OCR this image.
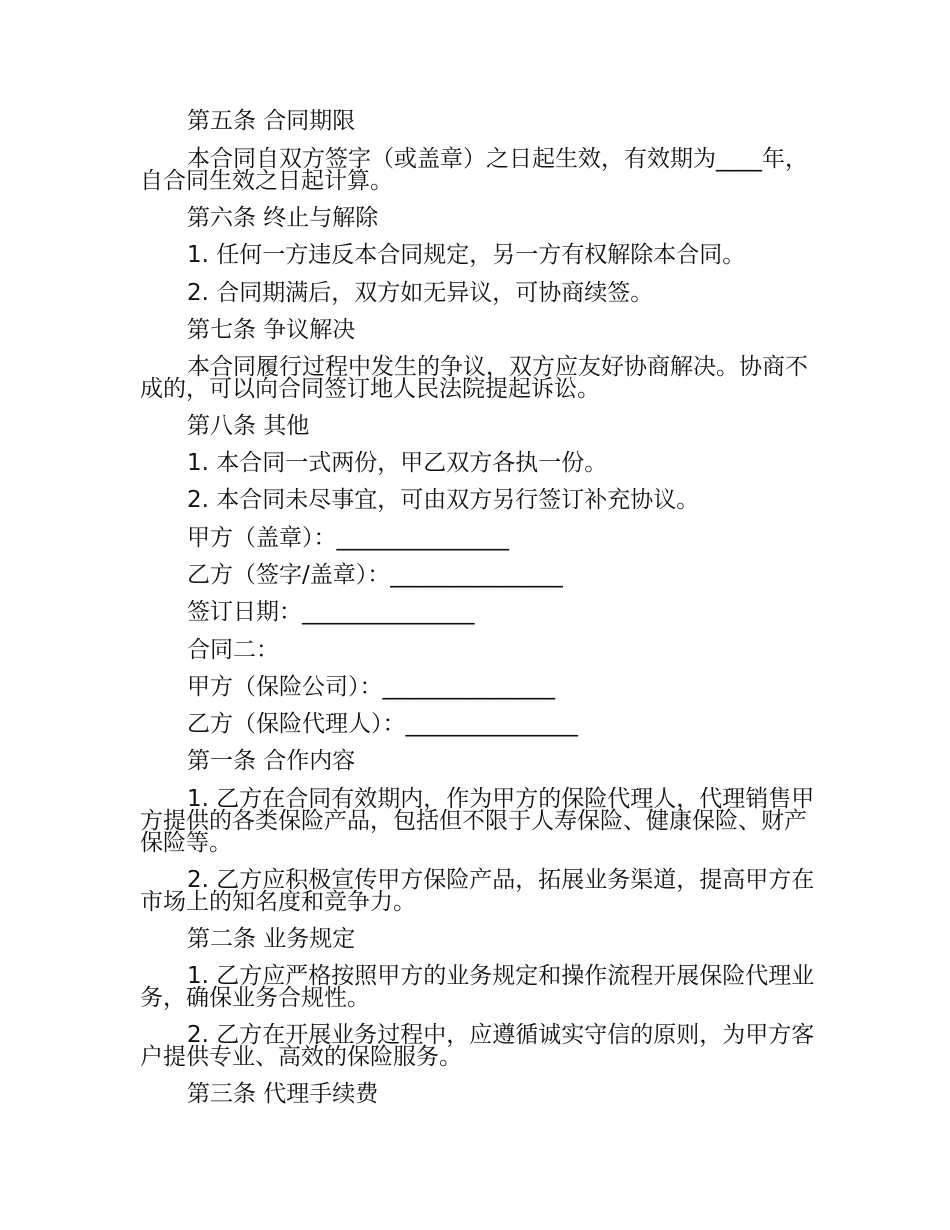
第五条 合同期限
本合同自双方签字（或盖章）之日起生效，有效期为____年，自合同生效之日起计算。
第六条 终止与解除
1. 任何一方违反本合同规定，另一方有权解除本合同。
2. 合同期满后，双方如无异议，可协商续签。
第七条 争议解决
本合同履行过程中发生的争议，双方应友好协商解决。协商不成的，可以向合同签订地人民法院提起诉讼。
第八条 其他
1. 本合同一式两份，甲乙双方各执一份。
2. 本合同未尽事宜，可由双方另行签订补充协议。
甲方（盖章）：_______________
乙方（签字/盖章）：_______________
签订日期：_______________
合同二：
甲方（保险公司）：_______________
乙方（保险代理人）：_______________
第一条 合作内容
1. 乙方在合同有效期内，作为甲方的保险代理人，代理销售甲方提供的各类保险产品，包括但不限于人寿保险、健康保险、财产保险等。
2. 乙方应积极宣传甲方保险产品，拓展业务渠道，提高甲方在市场上的知名度和竞争力。
第二条 业务规定
1. 乙方应严格按照甲方的业务规定和操作流程开展保险代理业务，确保业务合规性。
2. 乙方在开展业务过程中，应遵循诚实守信的原则，为甲方客户提供专业、高效的保险服务。
第三条 代理手续费
